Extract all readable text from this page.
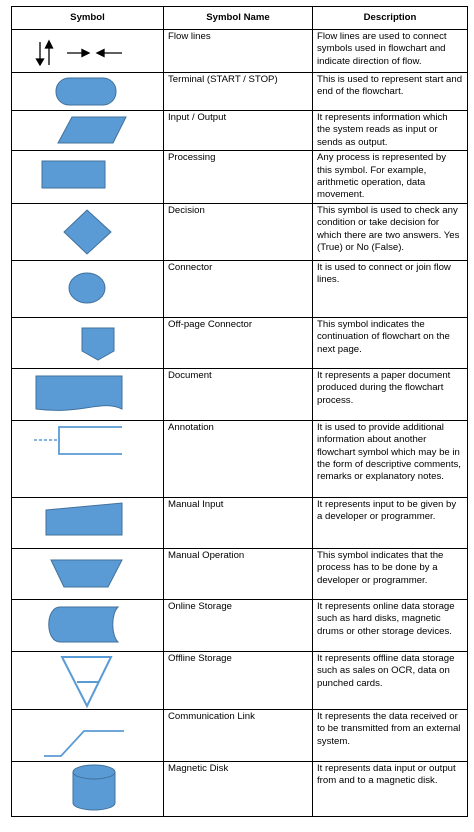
Symbol	Symbol Name	Description

	Flow lines	Flow lines are used to connect symbols used in flowchart and indicate direction of flow.

	Terminal (START / STOP)	This is used to represent start and end of the flowchart.

	Input / Output	It represents information which the system reads as input or sends as output.

	Processing	Any process is represented by this symbol. For example, arithmetic operation, data movement.

	Decision	This symbol is used to check any condition or take decision for which there are two answers. Yes (True) or No (False).

	Connector	It is used to connect or join flow lines.

	Off-page Connector	This symbol indicates the continuation of flowchart on the next page.

	Document	It represents a paper document produced during the flowchart process.

	Annotation	It is used to provide additional information about another flowchart symbol which may be in the form of descriptive comments, remarks or explanatory notes.

	Manual Input	It represents input to be given by a developer or programmer.

	Manual Operation	This symbol indicates that the process has to be done by a developer or programmer.

	Online Storage	It represents online data storage such as hard disks, magnetic drums or other storage devices.

	Offline Storage	It represents offline data storage such as sales on OCR, data on punched cards.

	Communication Link	It represents the data received or to be transmitted from an external system.

	Magnetic Disk	It represents data input or output from and to a magnetic disk.
